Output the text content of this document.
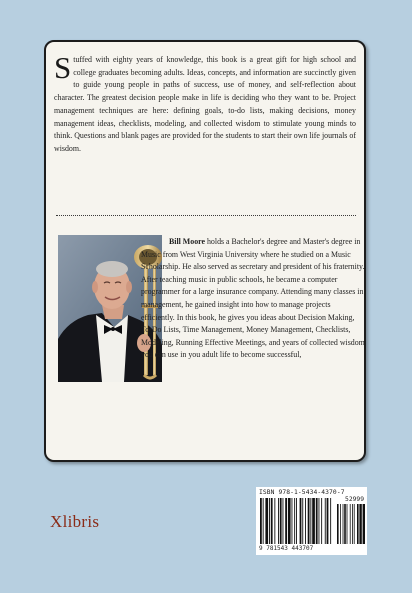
Stuffed with eighty years of knowledge, this book is a great gift for high school and college graduates becoming adults. Ideas, concepts, and information are succinctly given to guide young people in paths of success, use of money, and self-reflection about character. The greatest decision people make in life is deciding who they want to be. Project management techniques are here: defining goals, to-do lists, making decisions, money management ideas, checklists, modeling, and collected wisdom to stimulate young minds to think. Questions and blank pages are provided for the students to start their own life journals of wisdom.

Bill Moore holds a Bachelor's degree and Master's degree in Music from West Virginia University where he studied on a Music Scholarship. He also served as secretary and president of his fraternity. After teaching music in public schools, he became a computer programmer for a large insurance company. Attending many classes in management, he gained insight into how to manage projects efficiently. In this book, he gives you ideas about Decision Making, To-Do Lists, Time Management, Money Management, Checklists, Modeling, Running Effective Meetings, and years of collected wisdom you can use in you adult life to become successful,

Xlibris
ISBN 978-1-5434-4370-7
9 781543 443707
52999
